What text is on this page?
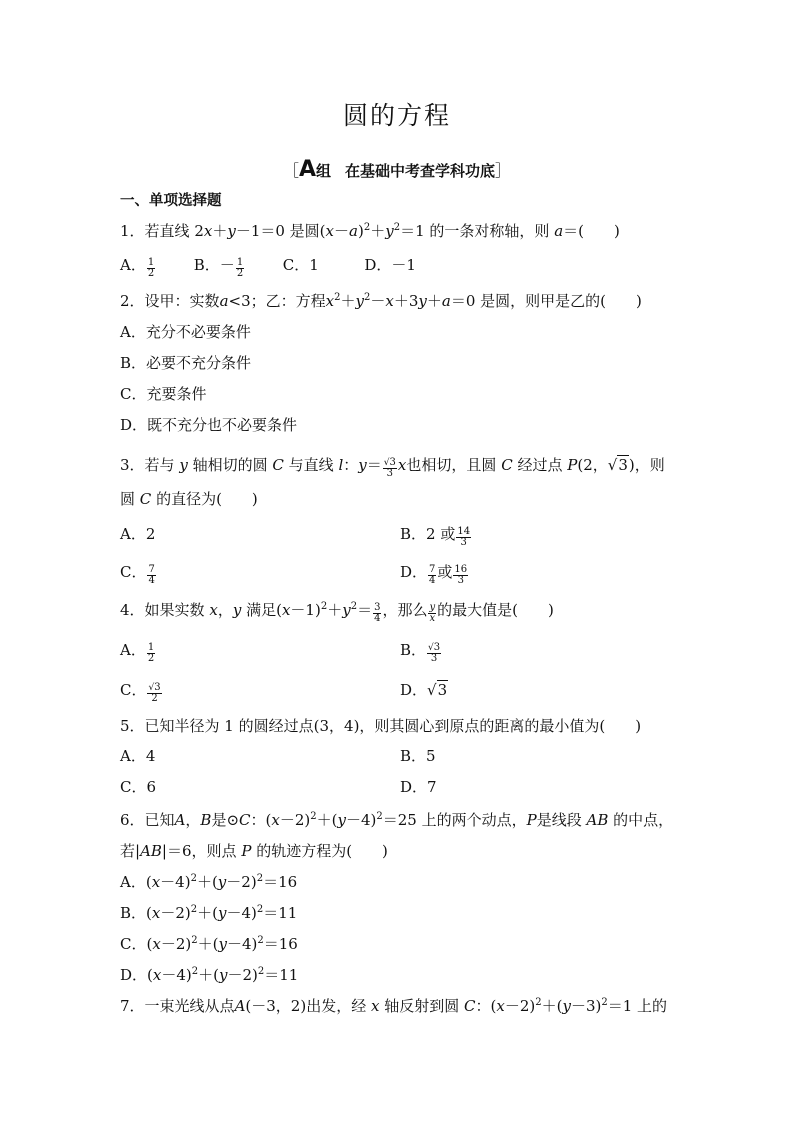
圆的方程
［A组 在基础中考查学科功底］
一、单项选择题
1．若直线 2x＋y－1＝0 是圆$(x-a)^2+y^2=1$ 的一条对称轴，则 a＝(　　)
A． $\frac{1}{2}$	B．－ $\frac{1}{2}$	C．1	D．－1
2．设甲：实数a<3；乙：方程$x^2+y^2-x+3y+a=0$ 是圆，则甲是乙的(　　)
A．充分不必要条件
B．必要不充分条件
C．充要条件
D．既不充分也不必要条件
3．若与 y 轴相切的圆 C 与直线 l：$y= \frac{√3}{3}$ x也相切，且圆 C 经过点 P(2，√3)，则
圆 C 的直径为(　　)
A．2	B．2 或 $\frac{14}{3}$
C． $\frac{7}{4}$	D． $\frac{7}{4}$ 或 $\frac{16}{3}$
4．如果实数 x，y 满足$(x-1)^2+y^2= \frac{3}{4}$ ，那么 $\frac{y}{x}$ 的最大值是(　　)
A． $\frac{1}{2}$	B． $\frac{√3}{3}$
C． $\frac{√3}{2}$	D．√3
5．已知半径为 1 的圆经过点(3，4)，则其圆心到原点的距离的最小值为(　　)
A．4	B．5
C．6	D．7
6．已知A，B是⊙C：$(x-2)^2+(y-4)^2=25$ 上的两个动点，P是线段 AB 的中点，
若|AB|＝6，则点 P 的轨迹方程为(　　)
A．$(x-4)^2+(y-2)^2=16$
B．$(x-2)^2+(y-4)^2=11$
C．$(x-2)^2+(y-4)^2=16$
D．$(x-4)^2+(y-2)^2=11$
7．一束光线从点A(－3，2)出发，经 x 轴反射到圆 C：$(x-2)^2+(y-3)^2=1$ 上的
